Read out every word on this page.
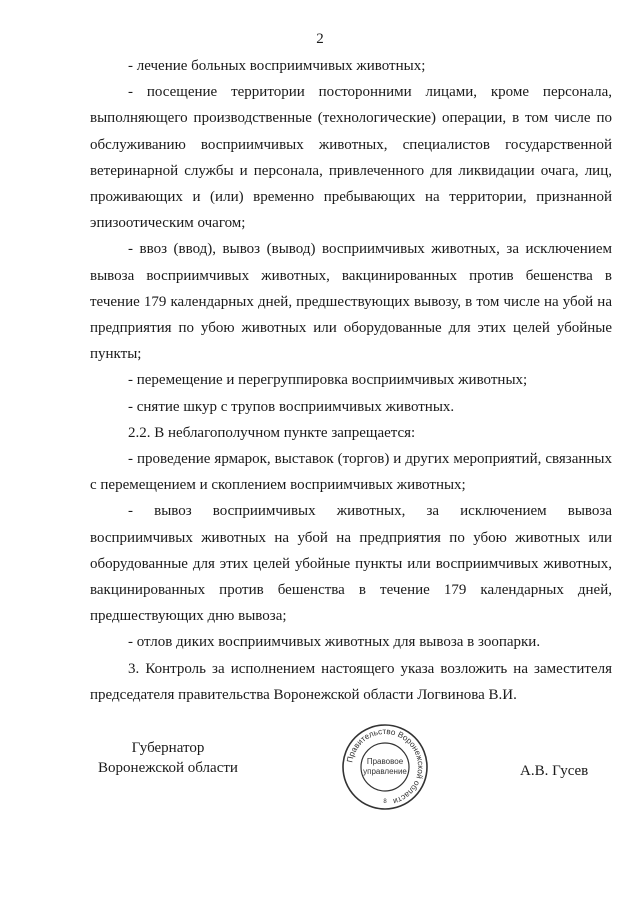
2

- лечение больных восприимчивых животных;

- посещение территории посторонними лицами, кроме персонала, выполняющего производственные (технологические) операции, в том числе по обслуживанию восприимчивых животных, специалистов государственной ветеринарной службы и персонала, привлеченного для ликвидации очага, лиц, проживающих и (или) временно пребывающих на территории, признанной эпизоотическим очагом;

- ввоз (ввод), вывоз (вывод) восприимчивых животных, за исключением вывоза восприимчивых животных, вакцинированных против бешенства в течение 179 календарных дней, предшествующих вывозу, в том числе на убой на предприятия по убою животных или оборудованные для этих целей убойные пункты;

- перемещение и перегруппировка восприимчивых животных;

- снятие шкур с трупов восприимчивых животных.

2.2. В неблагополучном пункте запрещается:

- проведение ярмарок, выставок (торгов) и других мероприятий, связанных с перемещением и скоплением восприимчивых животных;

- вывоз восприимчивых животных, за исключением вывоза восприимчивых животных на убой на предприятия по убою животных или оборудованные для этих целей убойные пункты или восприимчивых животных, вакцинированных против бешенства в течение 179 календарных дней, предшествующих дню вывоза;

- отлов диких восприимчивых животных для вывоза в зоопарки.

3. Контроль за исполнением настоящего указа возложить на заместителя председателя правительства Воронежской области Логвинова В.И.

Губернатор
Воронежской области
Правительство Воронежской области
Правовое
управление
8
А.В. Гусев
